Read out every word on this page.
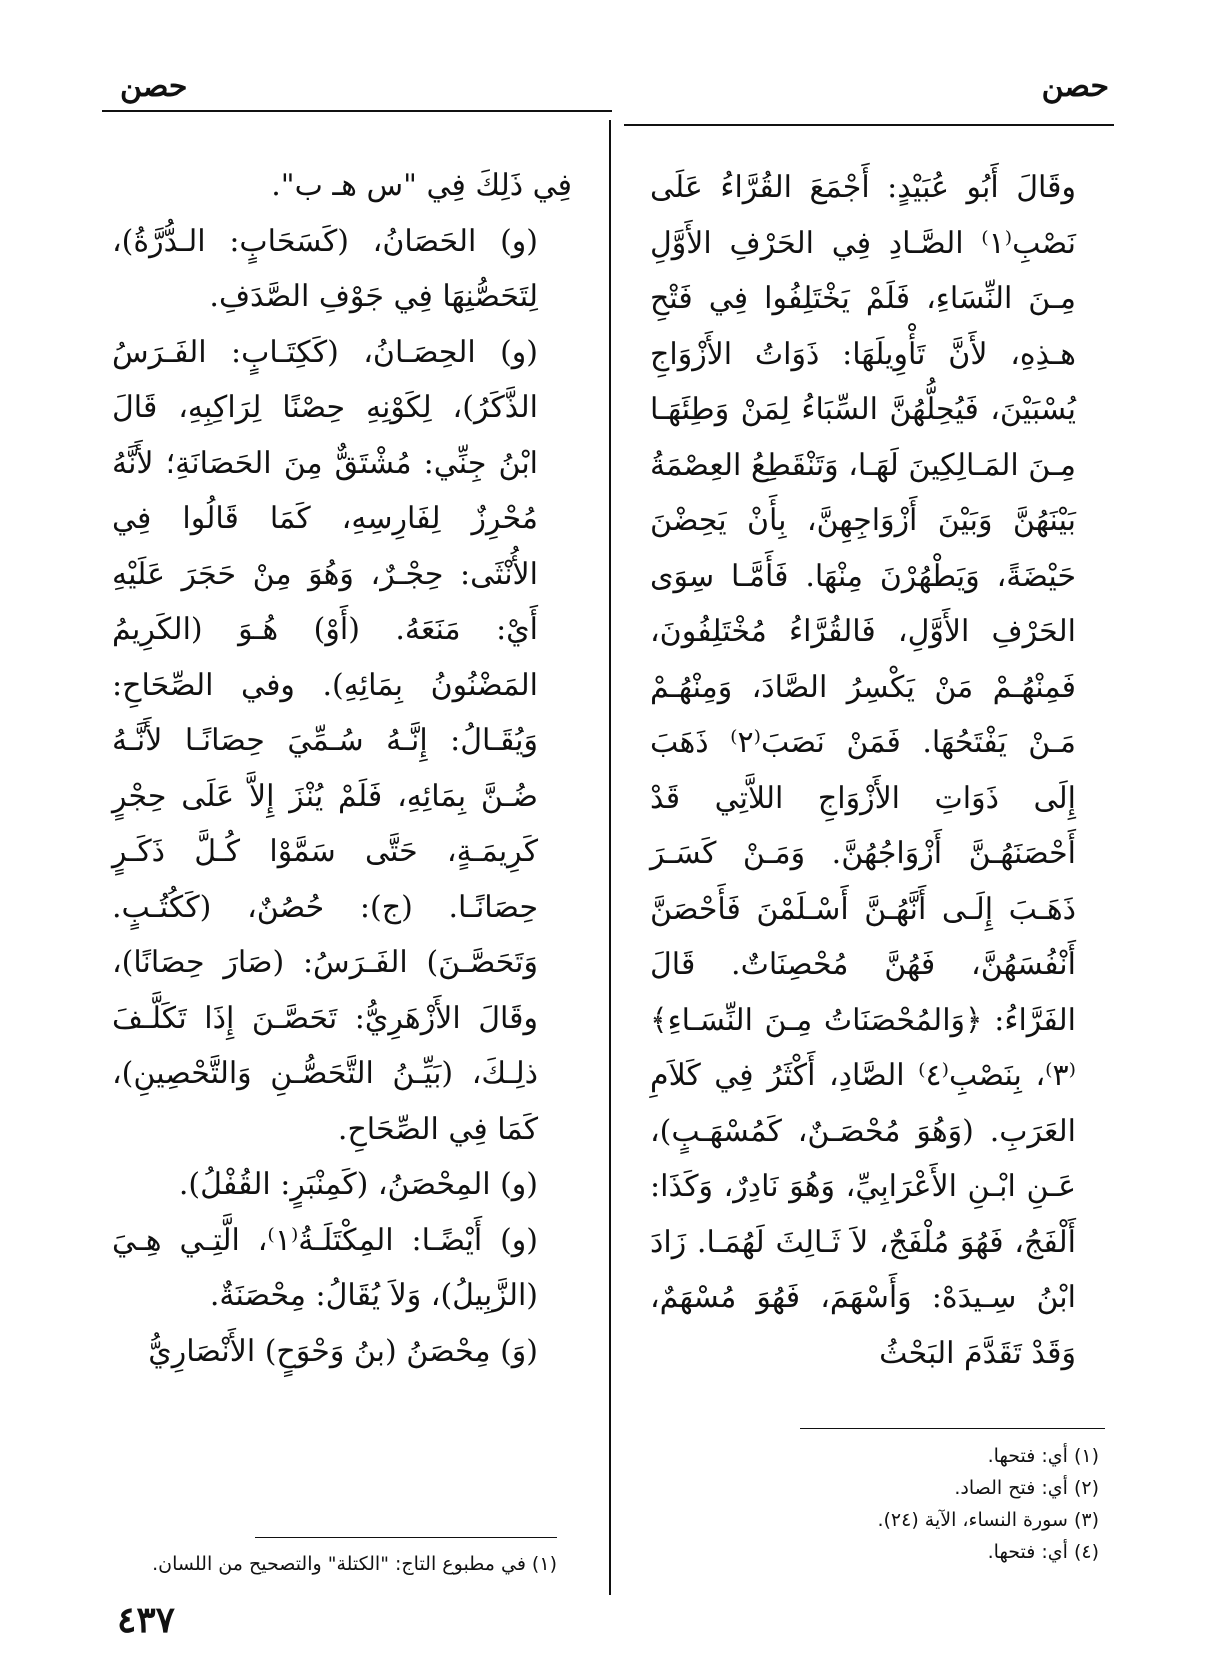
حصن	حصن

وقَالَ أَبُو عُبَيْدٍ: أَجْمَعَ القُرَّاءُ عَلَى نَصْبِ⁽١⁾ الصَّـادِ فِي الحَرْفِ الأَوَّلِ مِـنَ النِّسَاءِ، فَلَمْ يَخْتَلِفُوا فِي فَتْحِ هـذِهِ، لأَنَّ تَأْوِيلَهَا: ذَوَاتُ الأَزْوَاجِ يُسْبَيْنَ، فَيُحِلُّهُنَّ السِّبَاءُ لِمَنْ وَطِئَهَـا مِـنَ المَـالِكِينَ لَهَـا، وَتَنْقَطِعُ العِصْمَةُ بَيْنَهُنَّ وَبَيْنَ أَزْوَاجِهِنَّ، بِأَنْ يَحِضْنَ حَيْضَةً، وَيَطْهُرْنَ مِنْهَا. فَأَمَّـا سِوَى الحَرْفِ الأَوَّلِ، فَالقُرَّاءُ مُخْتَلِفُونَ، فَمِنْهُـمْ مَنْ يَكْسِرُ الصَّادَ، وَمِنْهُـمْ مَـنْ يَفْتَحُهَا. فَمَنْ نَصَبَ⁽٢⁾ ذَهَبَ إِلَى ذَوَاتِ الأَزْوَاجِ اللاَّتِي قَدْ أَحْصَنَهُـنَّ أَزْوَاجُهُنَّ. وَمَـنْ كَسَـرَ ذَهَـبَ إِلَـى أَنَّهُـنَّ أَسْـلَمْنَ فَأَحْصَنَّ أَنْفُسَهُنَّ، فَهُنَّ مُحْصِنَاتٌ. قَالَ الفَرَّاءُ: ﴿وَالمُحْصَنَاتُ مِـنَ النِّسَـاءِ﴾⁽٣⁾، بِنَصْبِ⁽٤⁾ الصَّادِ، أَكْثَرُ فِي كَلاَمِ العَرَبِ. (وَهُوَ مُحْصَـنٌ، كَمُسْهَـبٍ)، عَـنِ ابْـنِ الأَعْرَابِيِّ، وَهُوَ نَادِرٌ، وَكَذَا: أَلْفَجُ، فَهُوَ مُلْفَجٌ، لاَ ثَـالِثَ لَهُمَـا. زَادَ ابْنُ سِـيدَهْ: وَأَسْهَمَ، فَهُوَ مُسْهَمٌ، وَقَدْ تَقَدَّمَ البَحْثُ

فِي ذَلِكَ فِي "س هـ ب".

(و) الحَصَانُ، (كَسَحَابٍ: الـدُّرَّةُ)، لِتَحَصُّنِهَا فِي جَوْفِ الصَّدَفِ.

(و) الحِصَـانُ، (كَكِتَـابٍ: الفَـرَسُ الذَّكَرُ)، لِكَوْنِهِ حِصْنًا لِرَاكِبِهِ، قَالَ ابْنُ جِنِّي: مُشْتَقٌّ مِنَ الحَصَانَةِ؛ لأَنَّهُ مُحْرِزٌ لِفَارِسِهِ، كَمَا قَالُوا فِي الأُنْثَى: حِجْـرٌ، وَهُوَ مِنْ حَجَرَ عَلَيْهِ أَيْ: مَنَعَهُ. (أَوْ) هُـوَ (الكَرِيمُ المَضْنُونُ بِمَائِهِ). وفي الصِّحَاحِ: وَيُقَـالُ: إِنَّـهُ سُـمِّيَ حِصَانًـا لأَنَّـهُ ضُـنَّ بِمَائِهِ، فَلَمْ يُنْزَ إِلاَّ عَلَى حِجْرٍ كَرِيمَـةٍ، حَتَّى سَمَّوْا كُـلَّ ذَكَـرٍ حِصَانًـا. (ج): حُصُنٌ، (كَكُتُـبٍ. وَتَحَصَّـنَ) الفَـرَسُ: (صَارَ حِصَانًا)، وقَالَ الأَزْهَرِيُّ: تَحَصَّـنَ إِذَا تَكَلَّـفَ ذلِـكَ، (بَيِّـنُ التَّحَصُّـنِ وَالتَّحْصِينِ)، كَمَا فِي الصِّحَاحِ.

(و) المِحْصَنُ، (كَمِنْبَرٍ: القُفْلُ).

(و) أَيْضًـا: المِكْتَلَـةُ⁽١⁾، الَّتِـي هِـيَ (الزَّبِيلُ)، وَلاَ يُقَالُ: مِحْصَنَةٌ.

(وَ) مِحْصَنُ (بنُ وَحْوَحٍ) الأَنْصَارِيُّ

(١) أي: فتحها.
(٢) أي: فتح الصاد.
(٣) سورة النساء، الآية (٢٤).
(٤) أي: فتحها.
(١) في مطبوع التاج: "الكتلة" والتصحيح من اللسان.
٤٣٧
